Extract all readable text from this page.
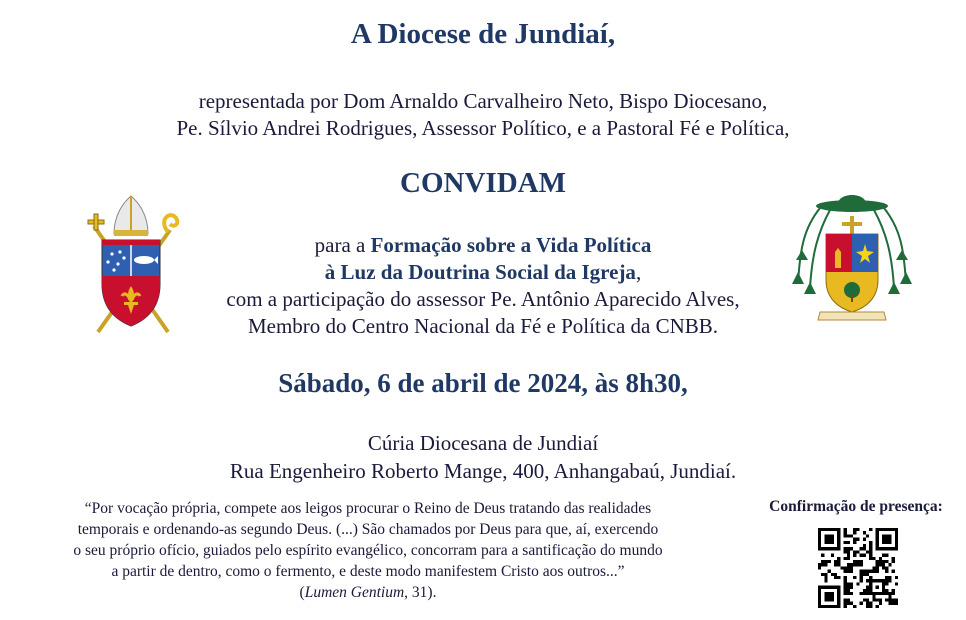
A Diocese de Jundiaí,
representada por Dom Arnaldo Carvalheiro Neto, Bispo Diocesano,
Pe. Sílvio Andrei Rodrigues, Assessor Político, e a Pastoral Fé e Política,
CONVIDAM
para a Formação sobre a Vida Política
à Luz da Doutrina Social da Igreja,
com a participação do assessor Pe. Antônio Aparecido Alves,
Membro do Centro Nacional da Fé e Política da CNBB.
Sábado, 6 de abril de 2024, às 8h30,
Cúria Diocesana de Jundiaí
Rua Engenheiro Roberto Mange, 400, Anhangabaú, Jundiaí.
“Por vocação própria, compete aos leigos procurar o Reino de Deus tratando das realidades
temporais e ordenando-as segundo Deus. (...) São chamados por Deus para que, aí, exercendo
o seu próprio ofício, guiados pelo espírito evangélico, concorram para a santificação do mundo
a partir de dentro, como o fermento, e deste modo manifestem Cristo aos outros...”
(Lumen Gentium, 31).
Confirmação de presença:
